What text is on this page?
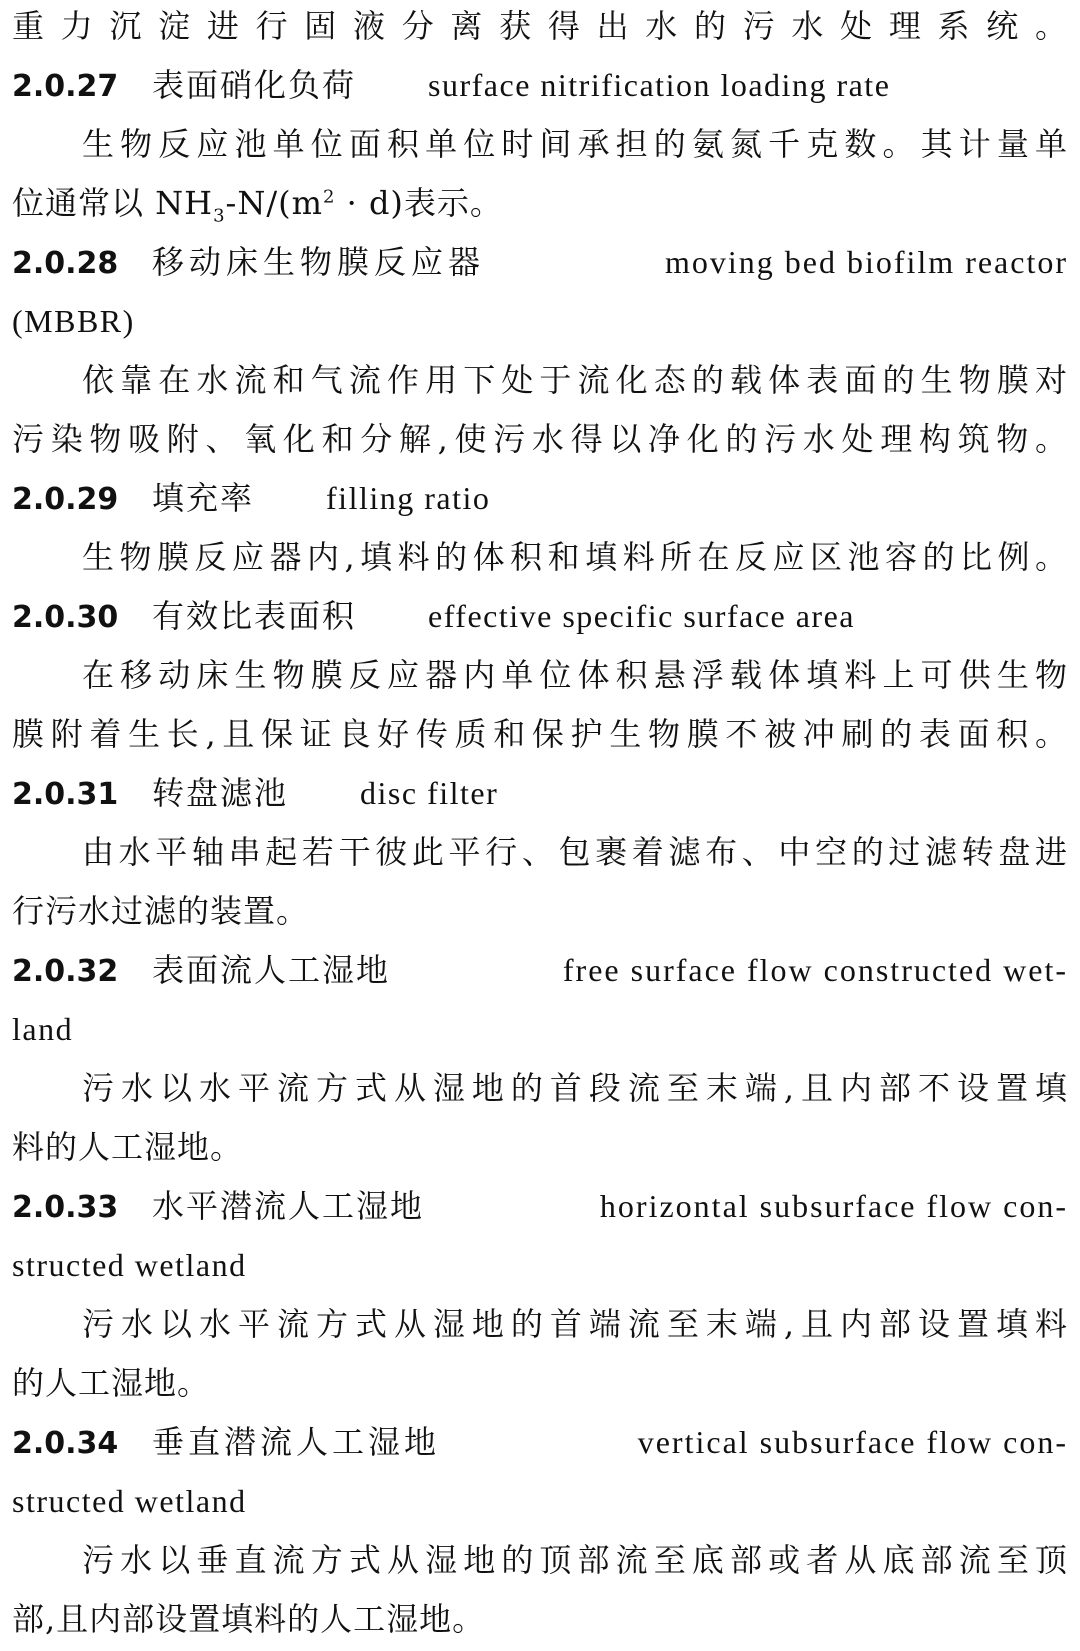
重力沉淀进行固液分离获得出水的污水处理系统。
2.0.27	表面硝化负荷 surface nitrification loading rate
生物反应池单位面积单位时间承担的氨氮千克数。其计量单
位通常以 $NH_3-N/(m^2 \cdot d)$表示。
2.0.28	移动床生物膜反应器	moving bed biofilm reactor
(MBBR)
依靠在水流和气流作用下处于流化态的载体表面的生物膜对
污染物吸附、氧化和分解,使污水得以净化的污水处理构筑物。
2.0.29	填充率 filling ratio
生物膜反应器内,填料的体积和填料所在反应区池容的比例。
2.0.30	有效比表面积 effective specific surface area
在移动床生物膜反应器内单位体积悬浮载体填料上可供生物
膜附着生长,且保证良好传质和保护生物膜不被冲刷的表面积。
2.0.31	转盘滤池 disc filter
由水平轴串起若干彼此平行、包裹着滤布、中空的过滤转盘进
行污水过滤的装置。
2.0.32	表面流人工湿地	free surface flow constructed wet-
land
污水以水平流方式从湿地的首段流至末端,且内部不设置填
料的人工湿地。
2.0.33	水平潜流人工湿地	horizontal subsurface flow con-
structed wetland
污水以水平流方式从湿地的首端流至末端,且内部设置填料
的人工湿地。
2.0.34	垂直潜流人工湿地	vertical subsurface flow con-
structed wetland
污水以垂直流方式从湿地的顶部流至底部或者从底部流至顶
部,且内部设置填料的人工湿地。
